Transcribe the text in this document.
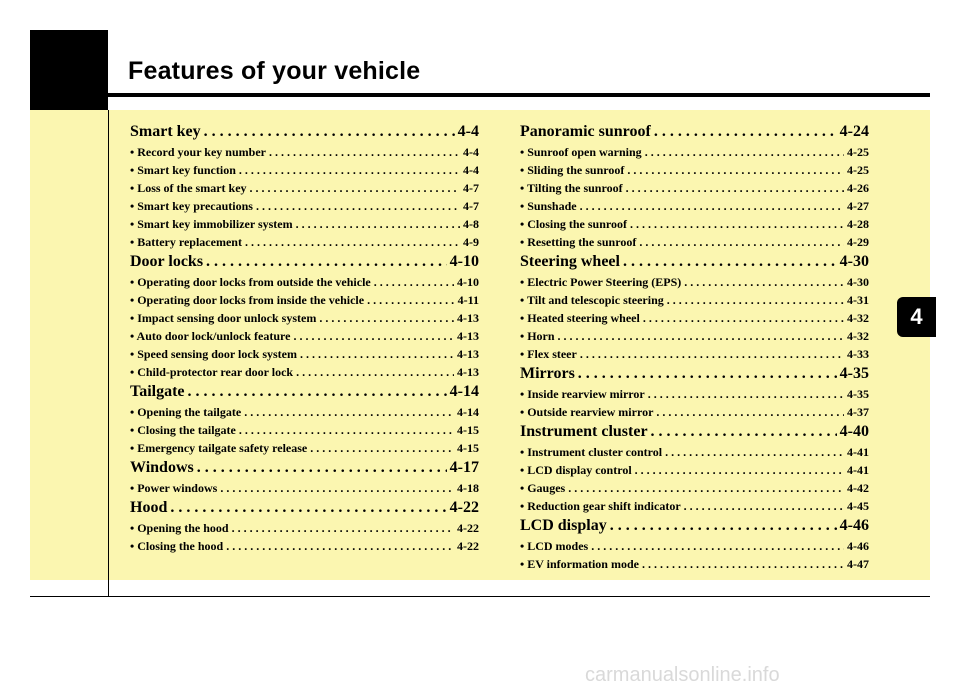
Features of your vehicle
4
Smart key . . .	4-4
• Record your key number . . .	4-4
• Smart key function . . .	4-4
• Loss of the smart key . . .	4-7
• Smart key precautions . . .	4-7
• Smart key immobilizer system . . .	4-8
• Battery replacement . . .	4-9
Door locks . . .	4-10
• Operating door locks from outside the vehicle . . .	4-10
• Operating door locks from inside the vehicle . . .	4-11
• Impact sensing door unlock system . . .	4-13
• Auto door lock/unlock feature . . .	4-13
• Speed sensing door lock system . . .	4-13
• Child-protector rear door lock . . .	4-13
Tailgate . . .	4-14
• Opening the tailgate . . .	4-14
• Closing the tailgate . . .	4-15
• Emergency tailgate safety release . . .	4-15
Windows . . .	4-17
• Power windows . . .	4-18
Hood . . .	4-22
• Opening the hood . . .	4-22
• Closing the hood . . .	4-22
Panoramic sunroof . . .	4-24
• Sunroof open warning . . .	4-25
• Sliding the sunroof . . .	4-25
• Tilting the sunroof . . .	4-26
• Sunshade . . .	4-27
• Closing the sunroof . . .	4-28
• Resetting the sunroof . . .	4-29
Steering wheel . . .	4-30
• Electric Power Steering (EPS) . . .	4-30
• Tilt and telescopic steering . . .	4-31
• Heated steering wheel . . .	4-32
• Horn . . .	4-32
• Flex steer . . .	4-33
Mirrors . . .	4-35
• Inside rearview mirror . . .	4-35
• Outside rearview mirror . . .	4-37
Instrument cluster . . .	4-40
• Instrument cluster control . . .	4-41
• LCD display control . . .	4-41
• Gauges . . .	4-42
• Reduction gear shift indicator . . .	4-45
LCD display . . .	4-46
• LCD modes . . .	4-46
• EV information mode . . .	4-47
carmanualsonline.info
